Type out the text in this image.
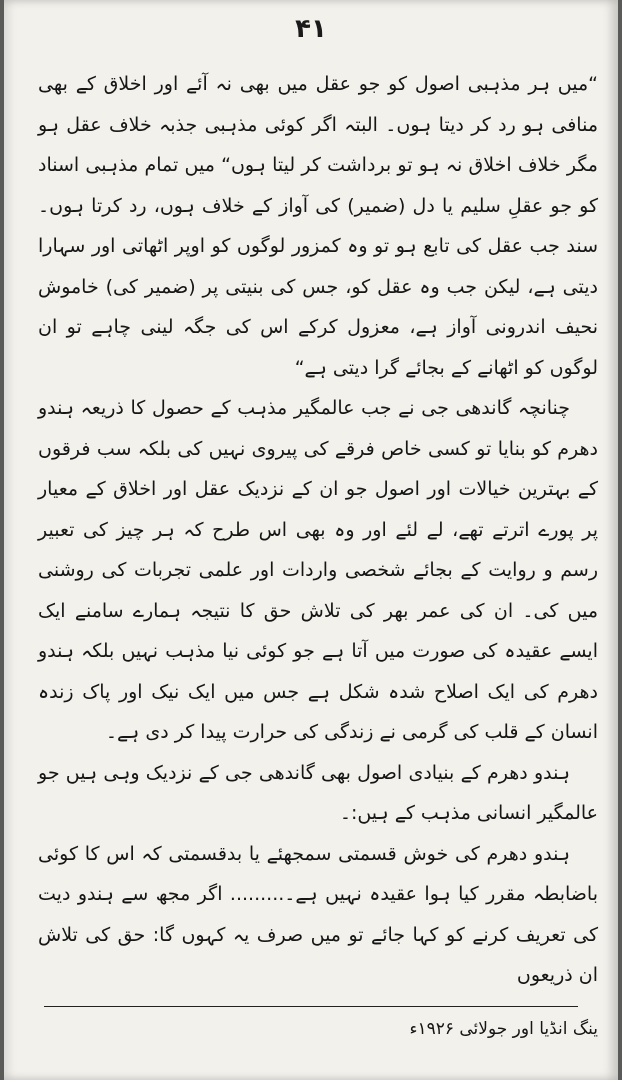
۴۱

“میں ہر مذہبی اصول کو جو عقل میں بھی نہ آئے اور اخلاق کے بھی منافی ہو رد کر دیتا ہوں۔ البتہ اگر کوئی مذہبی جذبہ خلاف عقل ہو مگر خلاف اخلاق نہ ہو تو برداشت کر لیتا ہوں“ میں تمام مذہبی اسناد کو جو عقلِ سلیم یا دل (ضمیر) کی آواز کے خلاف ہوں، رد کرتا ہوں۔ سند جب عقل کی تابع ہو تو وہ کمزور لوگوں کو اوپر اٹھاتی اور سہارا دیتی ہے، لیکن جب وہ عقل کو، جس کی بنیتی پر (ضمیر کی) خاموش نحیف اندرونی آواز ہے، معزول کرکے اس کی جگہ لینی چاہے تو ان لوگوں کو اٹھانے کے بجائے گرا دیتی ہے“

چنانچہ گاندھی جی نے جب عالمگیر مذہب کے حصول کا ذریعہ ہندو دھرم کو بنایا تو کسی خاص فرقے کی پیروی نہیں کی بلکہ سب فرقوں کے بہترین خیالات اور اصول جو ان کے نزدیک عقل اور اخلاق کے معیار پر پورے اترتے تھے، لے لئے اور وہ بھی اس طرح کہ ہر چیز کی تعبیر رسم و روایت کے بجائے شخصی واردات اور علمی تجربات کی روشنی میں کی۔ ان کی عمر بھر کی تلاش حق کا نتیجہ ہمارے سامنے ایک ایسے عقیدہ کی صورت میں آتا ہے جو کوئی نیا مذہب نہیں بلکہ ہندو دھرم کی ایک اصلاح شدہ شکل ہے جس میں ایک نیک اور پاک زندہ انسان کے قلب کی گرمی نے زندگی کی حرارت پیدا کر دی ہے۔

ہندو دھرم کے بنیادی اصول بھی گاندھی جی کے نزدیک وہی ہیں جو عالمگیر انسانی مذہب کے ہیں:۔

ہندو دھرم کی خوش قسمتی سمجھئے یا بدقسمتی کہ اس کا کوئی باضابطہ مقرر کیا ہوا عقیدہ نہیں ہے۔......... اگر مجھ سے ہندو دیت کی تعریف کرنے کو کہا جائے تو میں صرف یہ کہوں گا: حق کی تلاش ان ذریعوں

ینگ انڈیا اور جولائی ۱۹۲۶ء
